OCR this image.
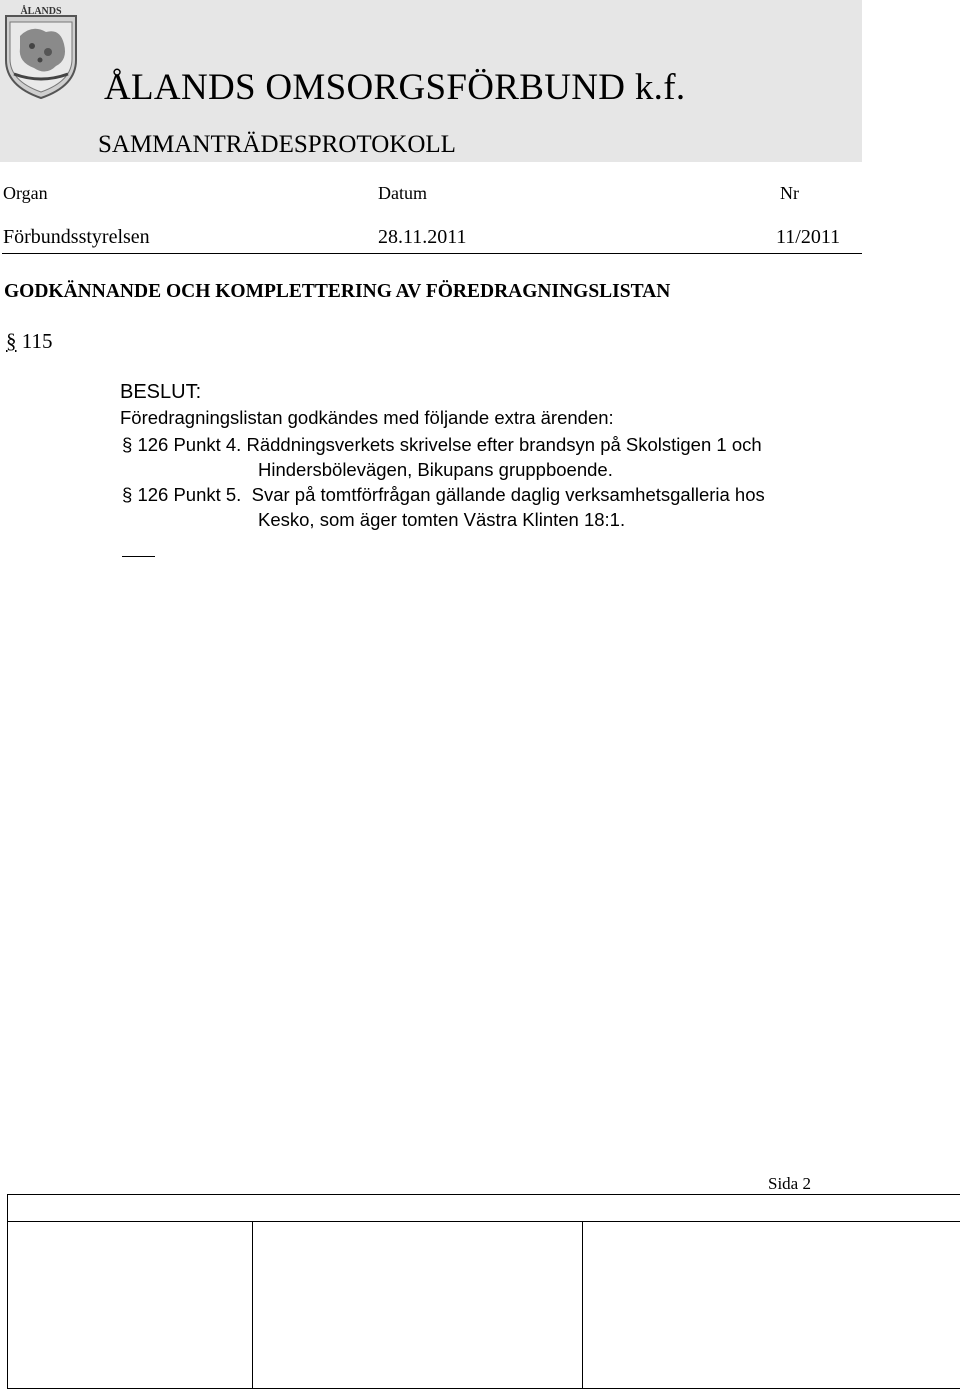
ÅLANDS
ÅLANDS OMSORGSFÖRBUND k.f.
SAMMANTRÄDESPROTOKOLL
Organ	Datum	Nr
Förbundsstyrelsen	28.11.2011	11/2011
GODKÄNNANDE OCH KOMPLETTERING AV FÖREDRAGNINGSLISTAN
§ 115
BESLUT:
Föredragningslistan godkändes med följande extra ärenden:
§ 126 Punkt 4. Räddningsverkets skrivelse efter brandsyn på Skolstigen 1 och
Hindersbölevägen, Bikupans gruppboende.
§ 126 Punkt 5. Svar på tomtförfrågan gällande daglig verksamhetsgalleria hos
Kesko, som äger tomten Västra Klinten 18:1.
Sida 2
